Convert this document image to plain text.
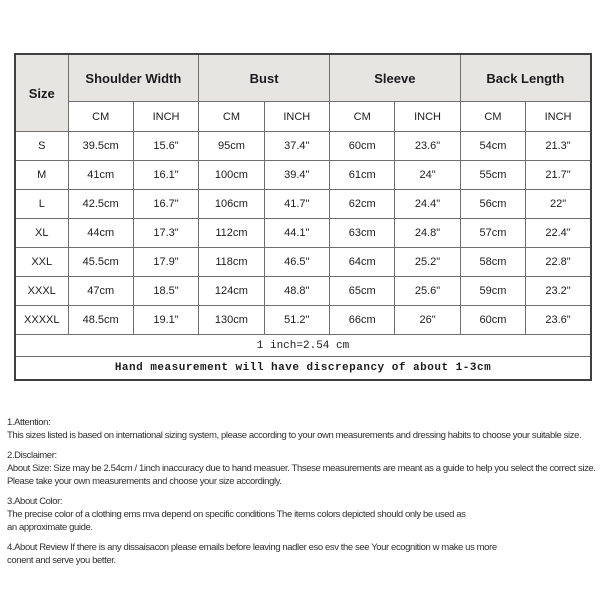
Size	Shoulder Width		Bust		Sleeve		Back Length	
	CM	INCH	CM	INCH	CM	INCH	CM	INCH
S	39.5cm	15.6"	95cm	37.4"	60cm	23.6"	54cm	21.3"
M	41cm	16.1"	100cm	39.4"	61cm	24"	55cm	21.7"
L	42.5cm	16.7"	106cm	41.7"	62cm	24.4"	56cm	22"
XL	44cm	17.3"	112cm	44.1"	63cm	24.8"	57cm	22.4"
XXL	45.5cm	17.9"	118cm	46.5"	64cm	25.2"	58cm	22.8"
XXXL	47cm	18.5"	124cm	48.8"	65cm	25.6"	59cm	23.2"
XXXXL	48.5cm	19.1"	130cm	51.2"	66cm	26"	60cm	23.6"
1 inch=2.54 cm								
Hand measurement will have discrepancy of about 1-3cm								
1.Attention:
This sizes listed is based on international sizing system, please according to your own measurements and dressing habits to choose your suitable size.
2.Disclaimer:
About Size: Size may be 2.54cm / 1inch inaccuracy due to hand measuer. Thsese measurements are meant as a guide to help you select the correct size.
Please take your own measurements and choose your size accordingly.
3.About Color:
The precise color of a clothing ems mva depend on specific conditions The items colors depicted should only be used as
an approximate guide.
4.About Review If there is any dissaisacon please emails before leaving nadler eso esv the see Your ecognition w make us more
conent and serve you better.
